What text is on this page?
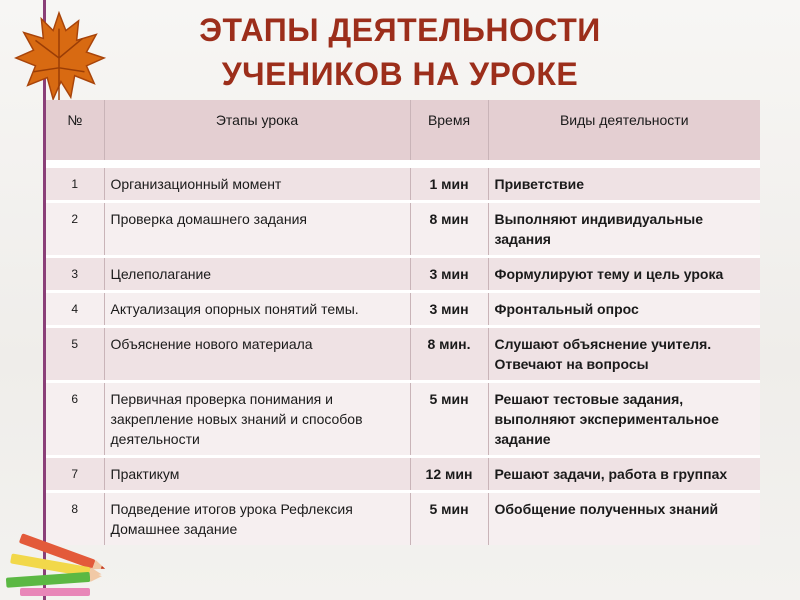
ЭТАПЫ ДЕЯТЕЛЬНОСТИ
УЧЕНИКОВ НА УРОКЕ
№	Этапы урока	Время	Виды деятельности
1	Организационный момент	1 мин	Приветствие
2	Проверка домашнего задания	8 мин	Выполняют индивидуальные задания
3	Целеполагание	3 мин	Формулируют тему и цель урока
4	Актуализация опорных понятий темы.	3 мин	Фронтальный опрос
5	Объяснение нового материала	8 мин.	Слушают объяснение учителя. Отвечают на вопросы
6	Первичная проверка понимания и закрепление новых знаний и способов деятельности	5 мин	Решают тестовые задания, выполняют экспериментальное задание
7	Практикум	12 мин	Решают задачи, работа в группах
8	Подведение итогов урока Рефлексия Домашнее задание	5 мин	Обобщение полученных знаний
